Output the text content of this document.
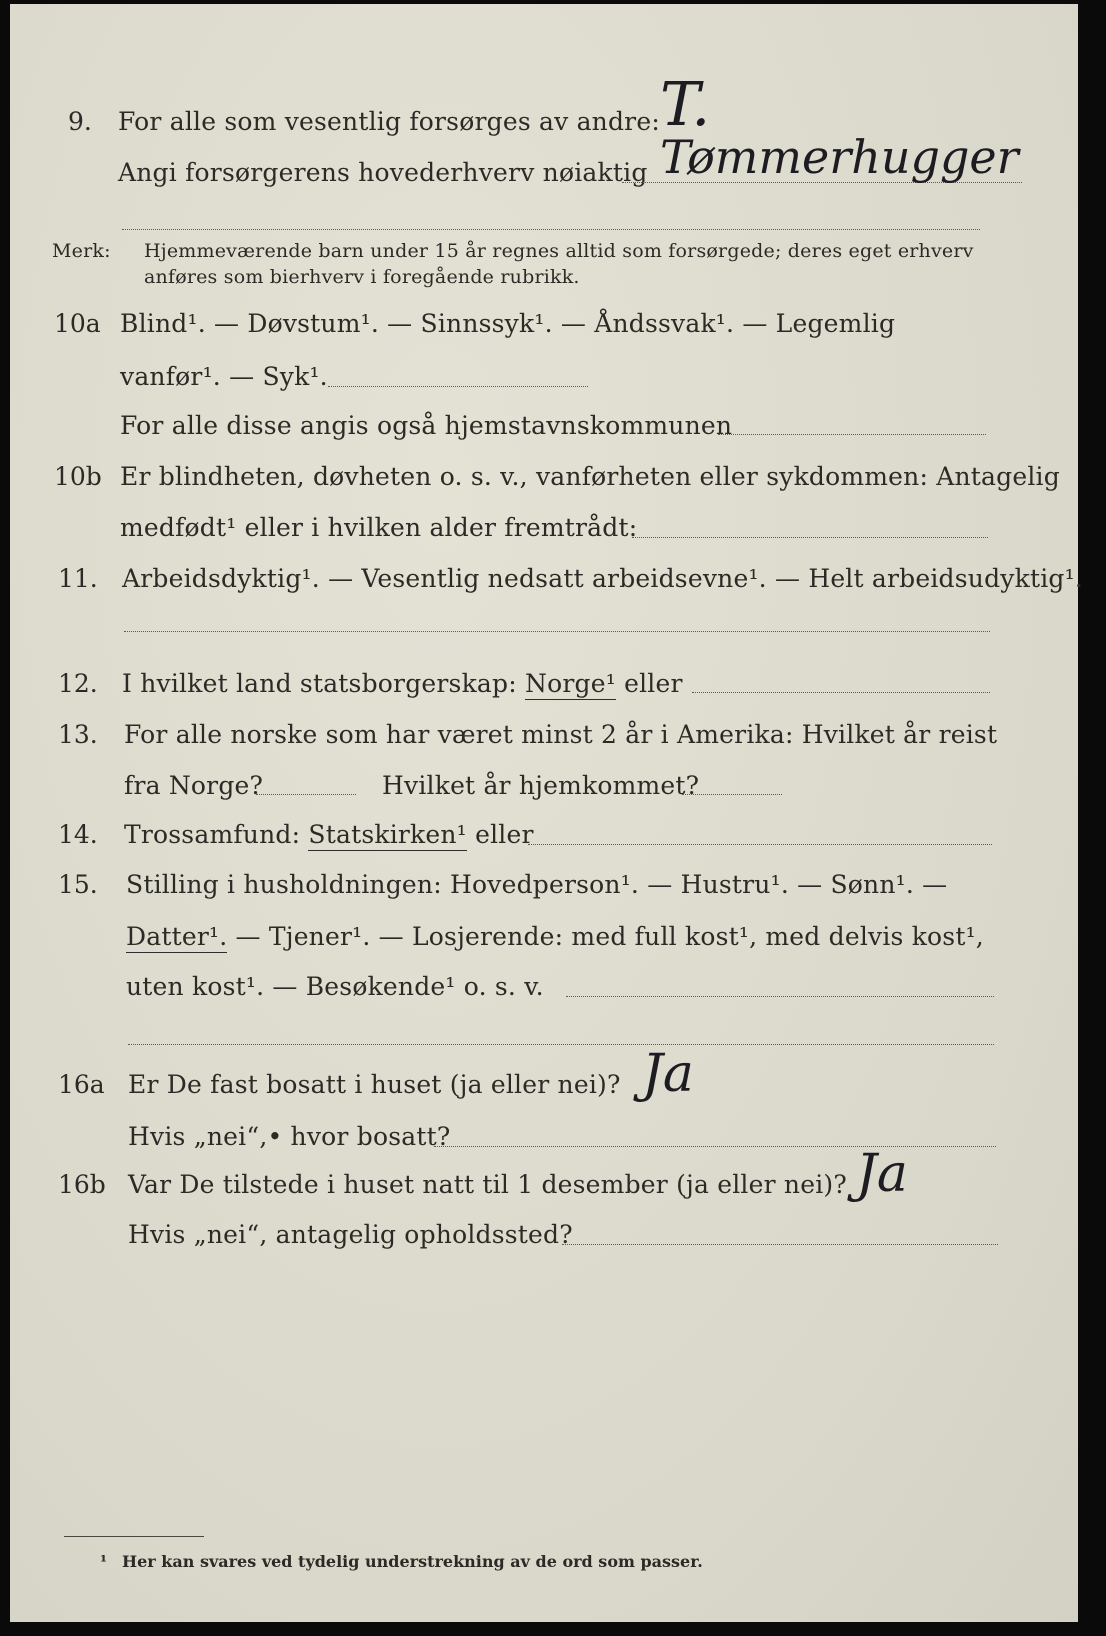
9. For alle som vesentlig forsørges av andre: T.
Angi forsørgerens hovederhverv nøiaktig Tømmerhugger
Merk: Hjemmeværende barn under 15 år regnes alltid som forsørgede; deres eget erhverv
anføres som bierhverv i foregående rubrikk.
10a Blind¹. — Døvstum¹. — Sinnssyk¹. — Åndssvak¹. — Legemlig
vanfør¹. — Syk¹.
For alle disse angis også hjemstavnskommunen
10b Er blindheten, døvheten o. s. v., vanførheten eller sykdommen: Antagelig
medfødt¹ eller i hvilken alder fremtrådt:
11. Arbeidsdyktig¹. — Vesentlig nedsatt arbeidsevne¹. — Helt arbeidsudyktig¹.
12. I hvilket land statsborgerskap: Norge¹ eller
13. For alle norske som har været minst 2 år i Amerika: Hvilket år reist
fra Norge?	Hvilket år hjemkommet?
14. Trossamfund: Statskirken¹ eller
15. Stilling i husholdningen: Hovedperson¹. — Hustru¹. — Sønn¹. —
Datter¹. — Tjener¹. — Losjerende: med full kost¹, med delvis kost¹,
uten kost¹. — Besøkende¹ o. s. v.
16a Er De fast bosatt i huset (ja eller nei)? Ja
Hvis „nei“,• hvor bosatt?
16b Var De tilstede i huset natt til 1 desember (ja eller nei)? Ja
Hvis „nei“, antagelig opholdssted?
¹ Her kan svares ved tydelig understrekning av de ord som passer.
